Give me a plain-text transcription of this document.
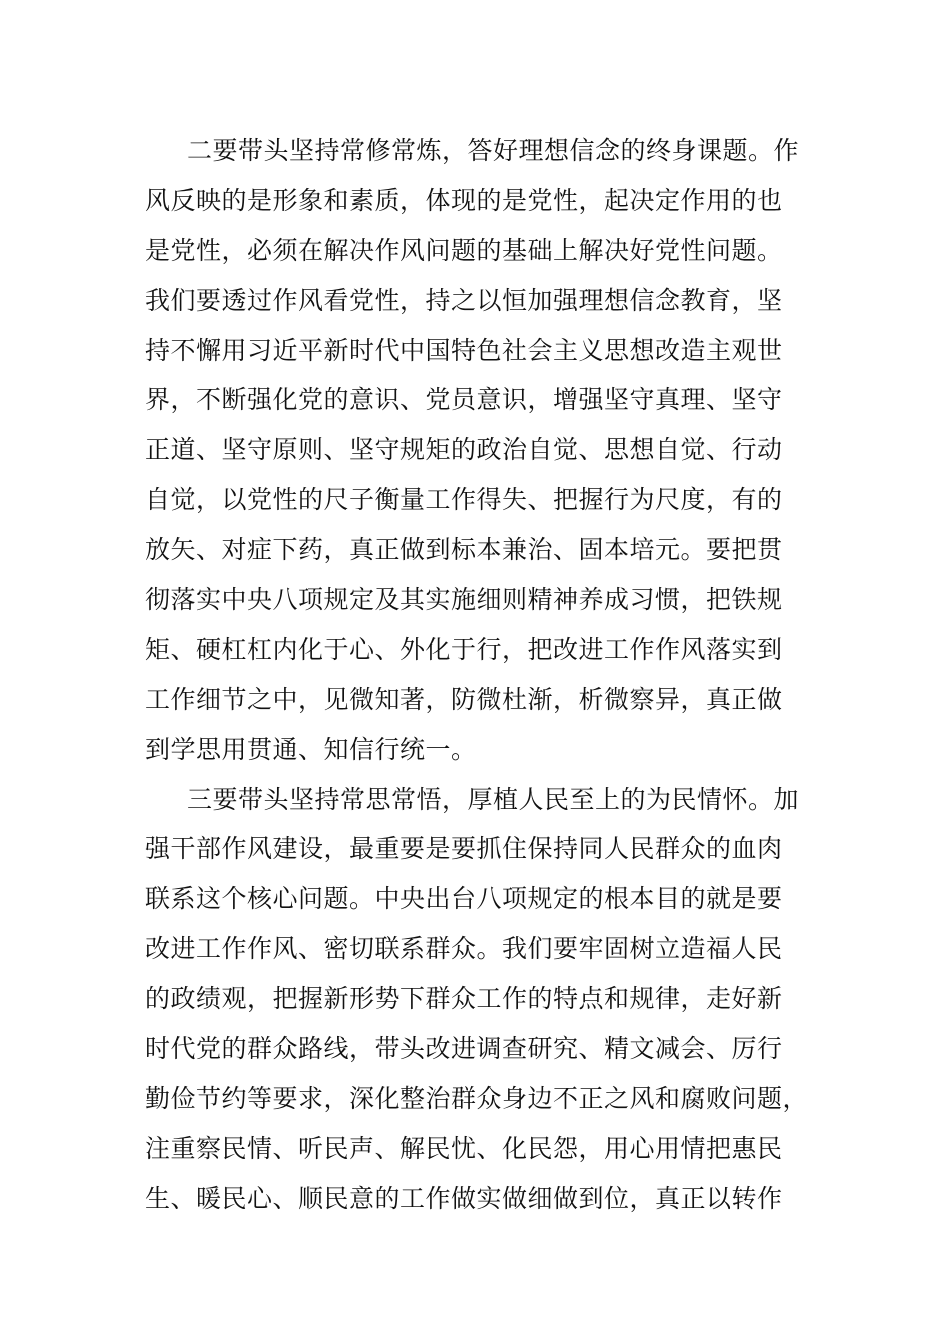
二要带头坚持常修常炼，答好理想信念的终身课题。作
风反映的是形象和素质，体现的是党性，起决定作用的也
是党性，必须在解决作风问题的基础上解决好党性问题。
我们要透过作风看党性，持之以恒加强理想信念教育，坚
持不懈用习近平新时代中国特色社会主义思想改造主观世
界，不断强化党的意识、党员意识，增强坚守真理、坚守
正道、坚守原则、坚守规矩的政治自觉、思想自觉、行动
自觉，以党性的尺子衡量工作得失、把握行为尺度，有的
放矢、对症下药，真正做到标本兼治、固本培元。要把贯
彻落实中央八项规定及其实施细则精神养成习惯，把铁规
矩、硬杠杠内化于心、外化于行，把改进工作作风落实到
工作细节之中，见微知著，防微杜渐，析微察异，真正做
到学思用贯通、知信行统一。
三要带头坚持常思常悟，厚植人民至上的为民情怀。加
强干部作风建设，最重要是要抓住保持同人民群众的血肉
联系这个核心问题。中央出台八项规定的根本目的就是要
改进工作作风、密切联系群众。我们要牢固树立造福人民
的政绩观，把握新形势下群众工作的特点和规律，走好新
时代党的群众路线，带头改进调查研究、精文减会、厉行
勤俭节约等要求，深化整治群众身边不正之风和腐败问题，
注重察民情、听民声、解民忧、化民怨，用心用情把惠民
生、暖民心、顺民意的工作做实做细做到位，真正以转作
